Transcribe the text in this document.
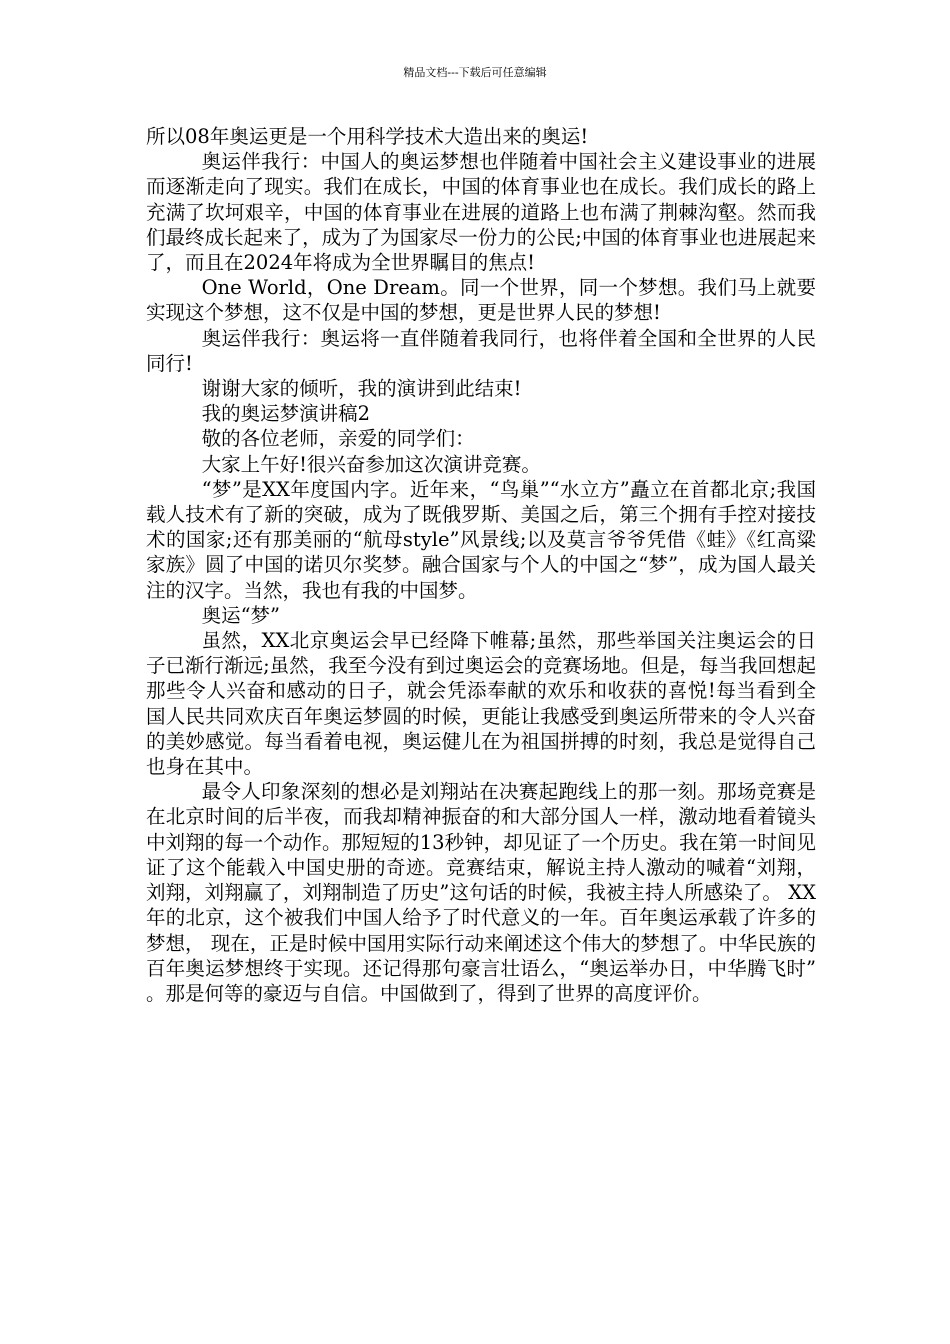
精品文档---下载后可任意编辑

所以08年奥运更是一个用科学技术大造出来的奥运!

奥运伴我行：中国人的奥运梦想也伴随着中国社会主义建设事业的进展而逐渐走向了现实。我们在成长，中国的体育事业也在成长。我们成长的路上充满了坎坷艰辛，中国的体育事业在进展的道路上也布满了荆棘沟壑。然而我们最终成长起来了，成为了为国家尽一份力的公民;中国的体育事业也进展起来了，而且在2024年将成为全世界瞩目的焦点!

One World，One Dream。同一个世界，同一个梦想。我们马上就要实现这个梦想，这不仅是中国的梦想，更是世界人民的梦想!

奥运伴我行：奥运将一直伴随着我同行，也将伴着全国和全世界的人民同行!

谢谢大家的倾听，我的演讲到此结束!

我的奥运梦演讲稿2

敬的各位老师，亲爱的同学们：

大家上午好!很兴奋参加这次演讲竞赛。

“梦”是XX年度国内字。近年来，“鸟巢”“水立方”矗立在首都北京;我国载人技术有了新的突破，成为了既俄罗斯、美国之后，第三个拥有手控对接技术的国家;还有那美丽的“航母style”风景线;以及莫言爷爷凭借《蛙》《红高粱家族》圆了中国的诺贝尔奖梦。融合国家与个人的中国之“梦”，成为国人最关注的汉字。当然，我也有我的中国梦。

奥运“梦”

虽然，XX北京奥运会早已经降下帷幕;虽然，那些举国关注奥运会的日子已渐行渐远;虽然，我至今没有到过奥运会的竞赛场地。但是，每当我回想起那些令人兴奋和感动的日子，就会凭添奉献的欢乐和收获的喜悦!每当看到全国人民共同欢庆百年奥运梦圆的时候，更能让我感受到奥运所带来的令人兴奋的美妙感觉。每当看着电视，奥运健儿在为祖国拼搏的时刻，我总是觉得自己也身在其中。

最令人印象深刻的想必是刘翔站在决赛起跑线上的那一刻。那场竞赛是在北京时间的后半夜，而我却精神振奋的和大部分国人一样，激动地看着镜头中刘翔的每一个动作。那短短的13秒钟，却见证了一个历史。我在第一时间见证了这个能载入中国史册的奇迹。竞赛结束，解说主持人激动的喊着“刘翔，刘翔，刘翔赢了，刘翔制造了历史”这句话的时候，我被主持人所感染了。 XX年的北京，这个被我们中国人给予了时代意义的一年。百年奥运承载了许多的梦想， 现在，正是时候中国用实际行动来阐述这个伟大的梦想了。中华民族的百年奥运梦想终于实现。还记得那句豪言壮语么，“奥运举办日，中华腾飞时”。那是何等的豪迈与自信。中国做到了，得到了世界的高度评价。
